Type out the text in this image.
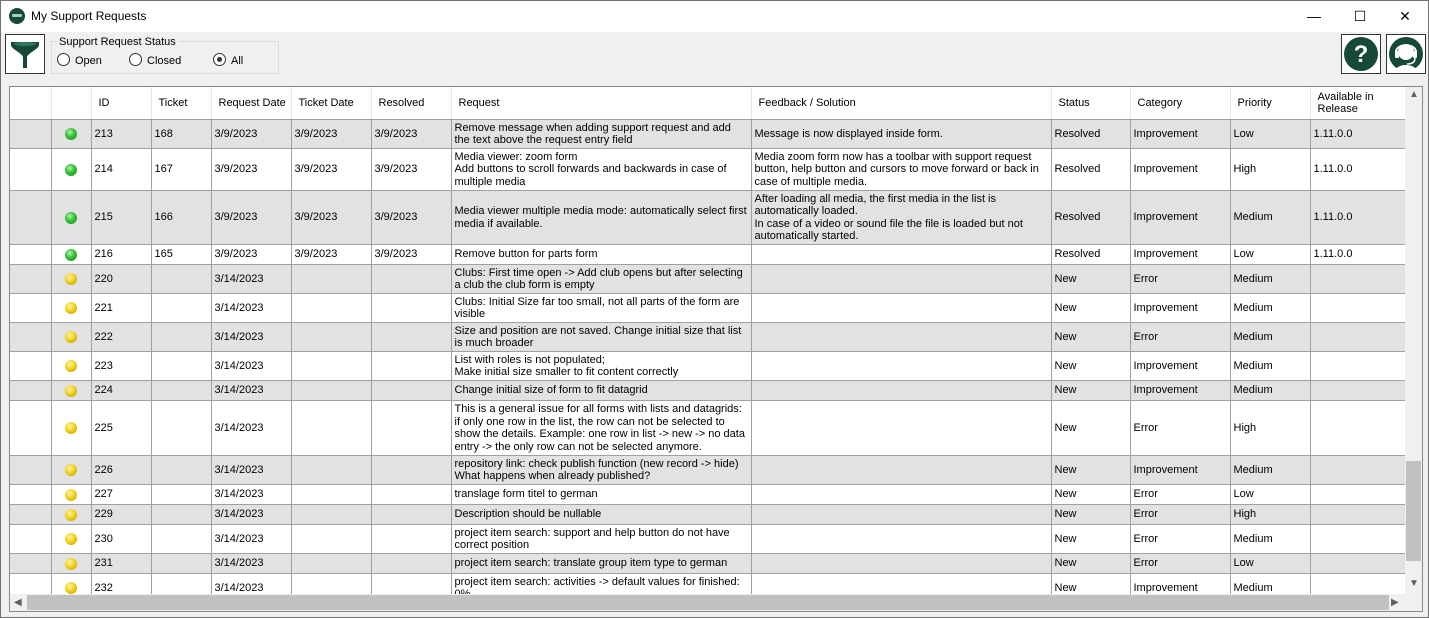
My Support Requests	—	☐	✕
Support Request Status
Open	Closed	All	?
		ID	Ticket	Request Date	Ticket Date	Resolved	Request	Feedback / Solution	Status	Category	Priority	Available in Release

	213	168	3/9/2023	3/9/2023	3/9/2023	Remove message when adding support request and add the text above the request entry field	Message is now displayed inside form.	Resolved	Improvement	Low	1.11.0.0

	214	167	3/9/2023	3/9/2023	3/9/2023	Media viewer: zoom form
Add buttons to scroll forwards and backwards in case of multiple media	Media zoom form now has a toolbar with support request button, help button and cursors to move forward or back in case of multiple media.	Resolved	Improvement	High	1.11.0.0

	215	166	3/9/2023	3/9/2023	3/9/2023	Media viewer multiple media mode: automatically select first media if available.	After loading all media, the first media in the list is automatically loaded.
In case of a video or sound file the file is loaded but not automatically started.	Resolved	Improvement	Medium	1.11.0.0

	216	165	3/9/2023	3/9/2023	3/9/2023	Remove button for parts form		Resolved	Improvement	Low	1.11.0.0

	220		3/14/2023			Clubs: First time open -> Add club opens but after selecting a club the club form is empty		New	Error	Medium	

	221		3/14/2023			Clubs: Initial Size far too small, not all parts of the form are visible		New	Improvement	Medium	

	222		3/14/2023			Size and position are not saved. Change initial size that list is much broader		New	Error	Medium	

	223		3/14/2023			List with roles is not populated;
Make initial size smaller to fit content correctly		New	Improvement	Medium	

	224		3/14/2023			Change initial size of form to fit datagrid		New	Improvement	Medium	

	225		3/14/2023			This is a general issue for all forms with lists and datagrids: if only one row in the list, the row can not be selected to show the details. Example: one row in list -> new -> no data entry -> the only row can not be selected anymore.		New	Error	High	

	226		3/14/2023			repository link: check publish function (new record -> hide)
What happens when already published?		New	Improvement	Medium	

	227		3/14/2023			translage form titel to german		New	Error	Low	

	229		3/14/2023			Description should be nullable		New	Error	High	

	230		3/14/2023			project item search: support and help button do not have correct position		New	Error	Medium	

	231		3/14/2023			project item search: translate group item type to german		New	Error	Low	

	232		3/14/2023			project item search: activities -> default values for finished:		New	Improvement	Medium	
▲
▼
◀	▶
